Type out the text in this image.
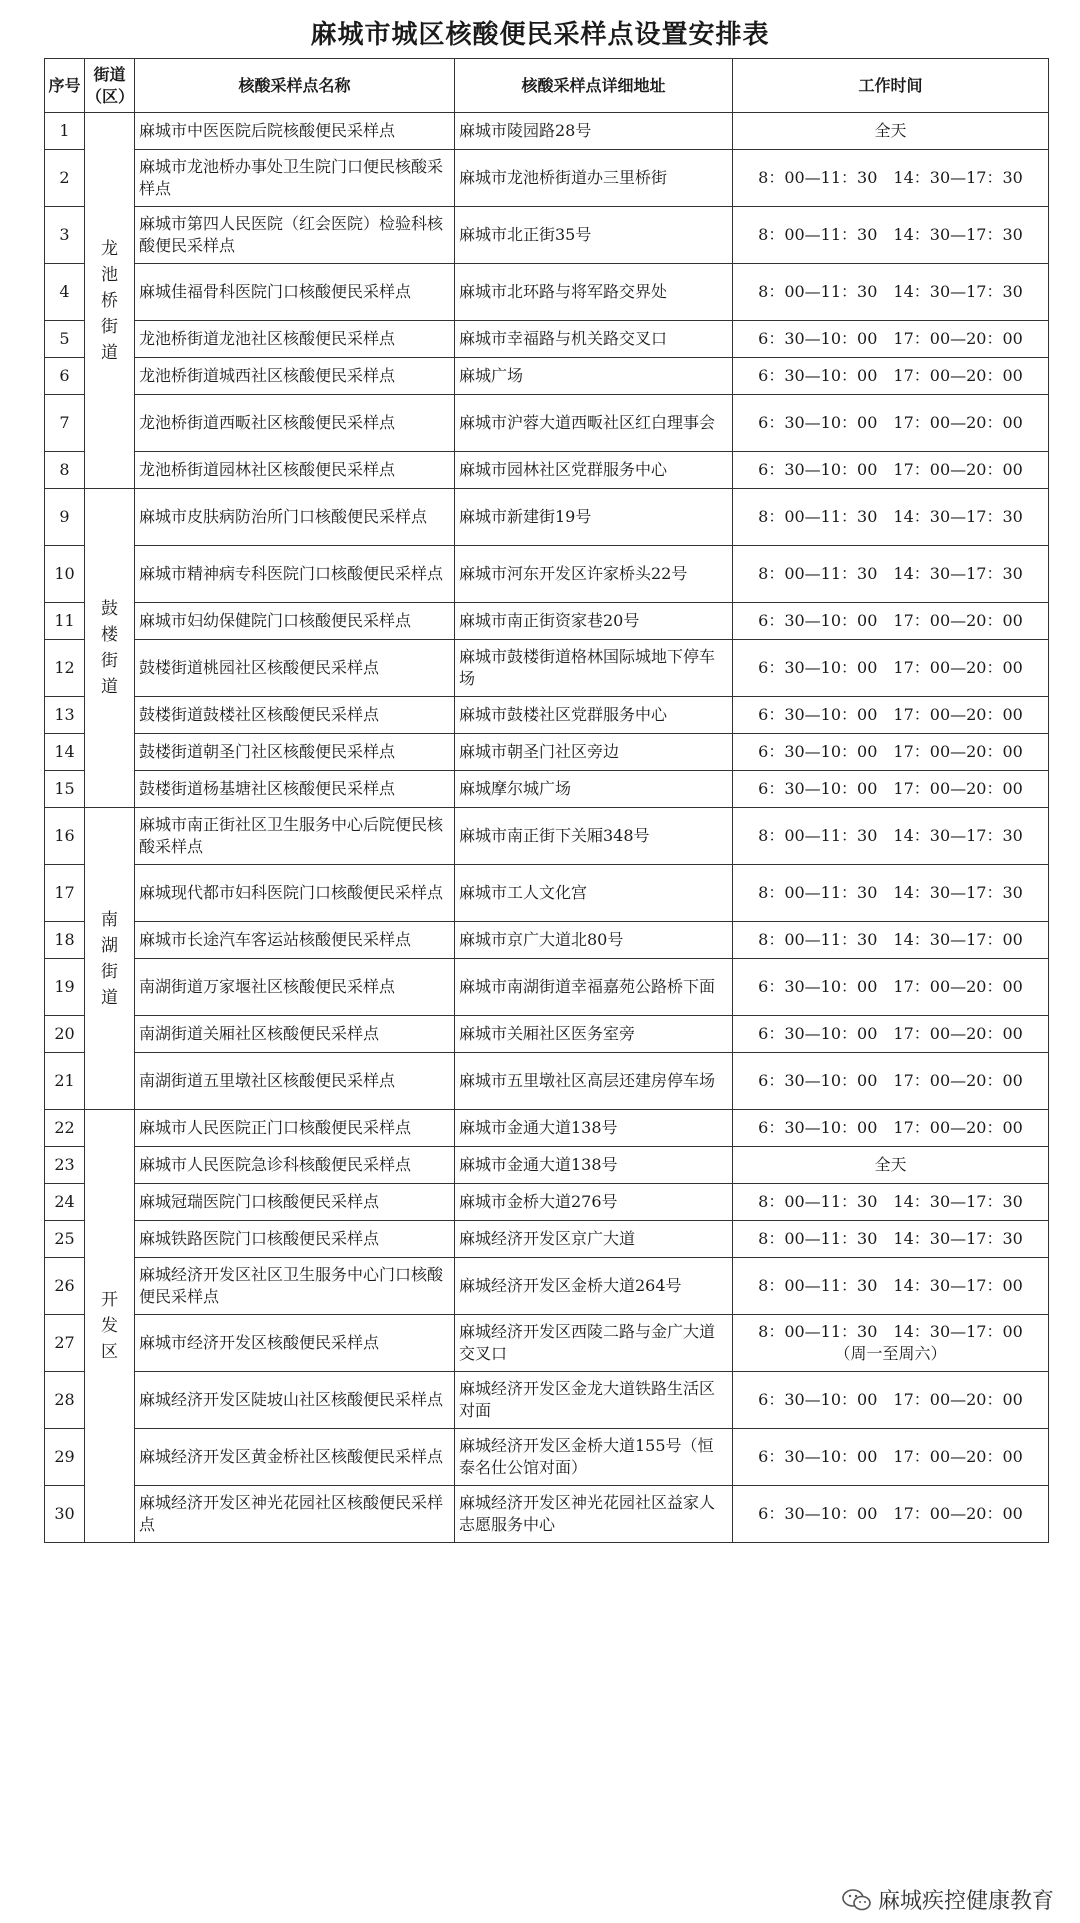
麻城市城区核酸便民采样点设置安排表
序号	街道（区）	核酸采样点名称	核酸采样点详细地址	工作时间
1	龙池桥街道	麻城市中医医院后院核酸便民采样点	麻城市陵园路28号	全天

2		麻城市龙池桥办事处卫生院门口便民核酸采样点	麻城市龙池桥街道办三里桥街	8：00—11：30　14：30—17：30

3		麻城市第四人民医院（红会医院）检验科核酸便民采样点	麻城市北正街35号	8：00—11：30　14：30—17：30

4		麻城佳福骨科医院门口核酸便民采样点	麻城市北环路与将军路交界处	8：00—11：30　14：30—17：30

5		龙池桥街道龙池社区核酸便民采样点	麻城市幸福路与机关路交叉口	6：30—10：00　17：00—20：00

6		龙池桥街道城西社区核酸便民采样点	麻城广场	6：30—10：00　17：00—20：00

7		龙池桥街道西畈社区核酸便民采样点	麻城市沪蓉大道西畈社区红白理事会	6：30—10：00　17：00—20：00

8		龙池桥街道园林社区核酸便民采样点	麻城市园林社区党群服务中心	6：30—10：00　17：00—20：00

9	鼓楼街道	麻城市皮肤病防治所门口核酸便民采样点	麻城市新建街19号	8：00—11：30　14：30—17：30

10		麻城市精神病专科医院门口核酸便民采样点	麻城市河东开发区许家桥头22号	8：00—11：30　14：30—17：30

11		麻城市妇幼保健院门口核酸便民采样点	麻城市南正街资家巷20号	6：30—10：00　17：00—20：00

12		鼓楼街道桃园社区核酸便民采样点	麻城市鼓楼街道格林国际城地下停车场	6：30—10：00　17：00—20：00

13		鼓楼街道鼓楼社区核酸便民采样点	麻城市鼓楼社区党群服务中心	6：30—10：00　17：00—20：00

14		鼓楼街道朝圣门社区核酸便民采样点	麻城市朝圣门社区旁边	6：30—10：00　17：00—20：00

15		鼓楼街道杨基塘社区核酸便民采样点	麻城摩尔城广场	6：30—10：00　17：00—20：00

16	南湖街道	麻城市南正街社区卫生服务中心后院便民核酸采样点	麻城市南正街下关厢348号	8：00—11：30　14：30—17：30

17		麻城现代都市妇科医院门口核酸便民采样点	麻城市工人文化宫	8：00—11：30　14：30—17：30

18		麻城市长途汽车客运站核酸便民采样点	麻城市京广大道北80号	8：00—11：30　14：30—17：00

19		南湖街道万家堰社区核酸便民采样点	麻城市南湖街道幸福嘉苑公路桥下面	6：30—10：00　17：00—20：00

20		南湖街道关厢社区核酸便民采样点	麻城市关厢社区医务室旁	6：30—10：00　17：00—20：00

21		南湖街道五里墩社区核酸便民采样点	麻城市五里墩社区高层还建房停车场	6：30—10：00　17：00—20：00

22	开发区	麻城市人民医院正门口核酸便民采样点	麻城市金通大道138号	6：30—10：00　17：00—20：00

23		麻城市人民医院急诊科核酸便民采样点	麻城市金通大道138号	全天

24		麻城冠瑞医院门口核酸便民采样点	麻城市金桥大道276号	8：00—11：30　14：30—17：30

25		麻城铁路医院门口核酸便民采样点	麻城经济开发区京广大道	8：00—11：30　14：30—17：30

26		麻城经济开发区社区卫生服务中心门口核酸便民采样点	麻城经济开发区金桥大道264号	8：00—11：30　14：30—17：00

27		麻城市经济开发区核酸便民采样点	麻城经济开发区西陵二路与金广大道交叉口	8：00—11：30　14：30—17：00
（周一至周六）

28		麻城经济开发区陡坡山社区核酸便民采样点	麻城经济开发区金龙大道铁路生活区对面	6：30—10：00　17：00—20：00

29		麻城经济开发区黄金桥社区核酸便民采样点	麻城经济开发区金桥大道155号（恒泰名仕公馆对面）	6：30—10：00　17：00—20：00

30		麻城经济开发区神光花园社区核酸便民采样点	麻城经济开发区神光花园社区益家人志愿服务中心	6：30—10：00　17：00—20：00
麻城疾控健康教育
